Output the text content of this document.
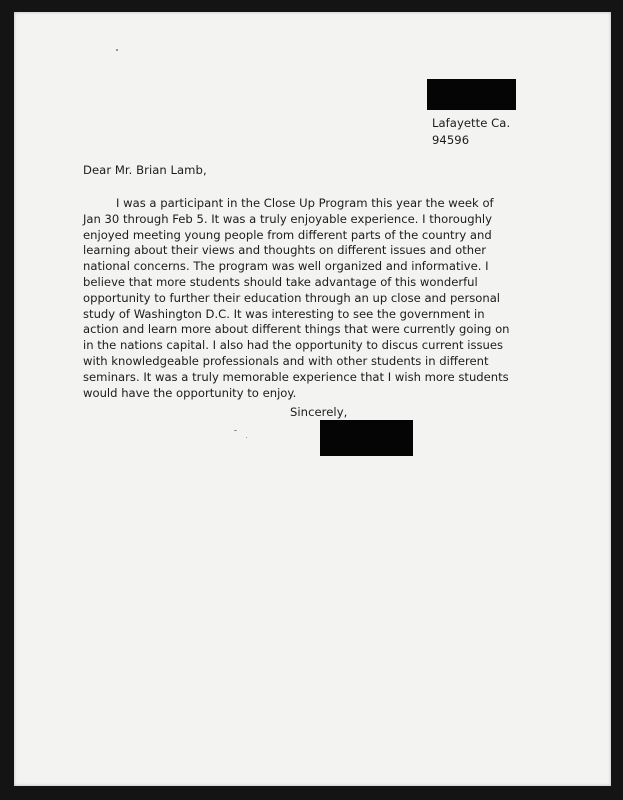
Lafayette Ca.
94596
Dear Mr. Brian Lamb,
I was a participant in the Close Up Program this year the week of
Jan 30 through Feb 5. It was a truly enjoyable experience. I thoroughly
enjoyed meeting young people from different parts of the country and
learning about their views and thoughts on different issues and other
national concerns. The program was well organized and informative. I
believe that more students should take advantage of this wonderful
opportunity to further their education through an up close and personal
study of Washington D.C. It was interesting to see the government in
action and learn more about different things that were currently going on
in the nations capital. I also had the opportunity to discus current issues
with knowledgeable professionals and with other students in different
seminars. It was a truly memorable experience that I wish more students
would have the opportunity to enjoy.
Sincerely,
